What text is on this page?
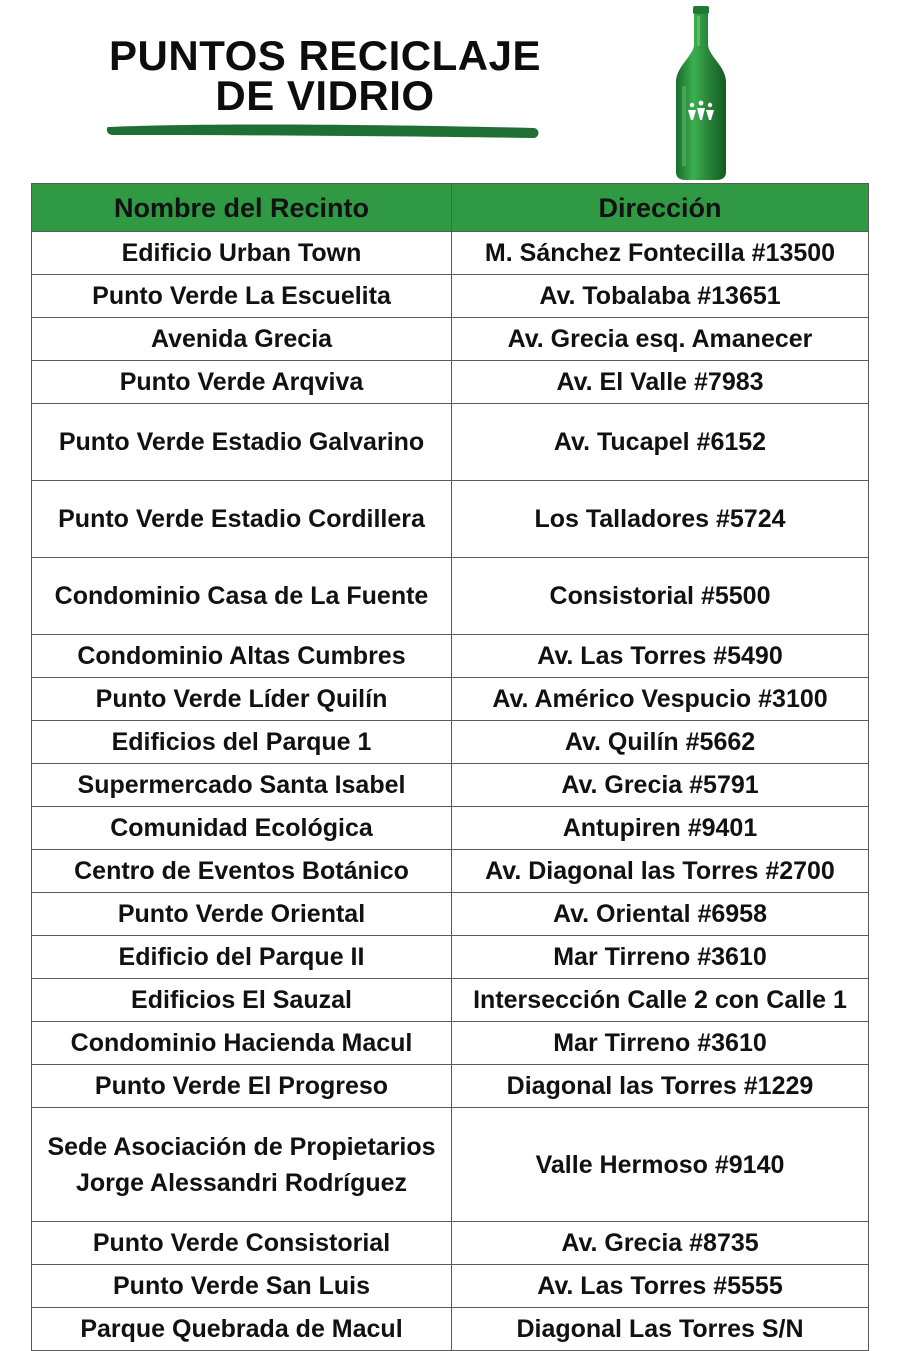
PUNTOS RECICLAJE
DE VIDRIO
Nombre del Recinto	Dirección
Edificio Urban Town	M. Sánchez Fontecilla #13500
Punto Verde La Escuelita	Av. Tobalaba #13651
Avenida Grecia	Av. Grecia esq. Amanecer
Punto Verde Arqviva	Av. El Valle #7983
Punto Verde Estadio Galvarino	Av. Tucapel #6152
Punto Verde Estadio Cordillera	Los Talladores #5724
Condominio Casa de La Fuente	Consistorial #5500
Condominio Altas Cumbres	Av. Las Torres #5490
Punto Verde Líder Quilín	Av. Américo Vespucio #3100
Edificios del Parque 1	Av. Quilín #5662
Supermercado Santa Isabel	Av. Grecia #5791
Comunidad Ecológica	Antupiren #9401
Centro de Eventos Botánico	Av. Diagonal las Torres #2700
Punto Verde Oriental	Av. Oriental #6958
Edificio del Parque II	Mar Tirreno #3610
Edificios El Sauzal	Intersección Calle 2 con Calle 1
Condominio Hacienda Macul	Mar Tirreno #3610
Punto Verde El Progreso	Diagonal las Torres #1229

Sede Asociación de Propietarios
Jorge Alessandri Rodríguez	Valle Hermoso #9140
Punto Verde Consistorial	Av. Grecia #8735
Punto Verde San Luis	Av. Las Torres #5555
Parque Quebrada de Macul	Diagonal Las Torres S/N
